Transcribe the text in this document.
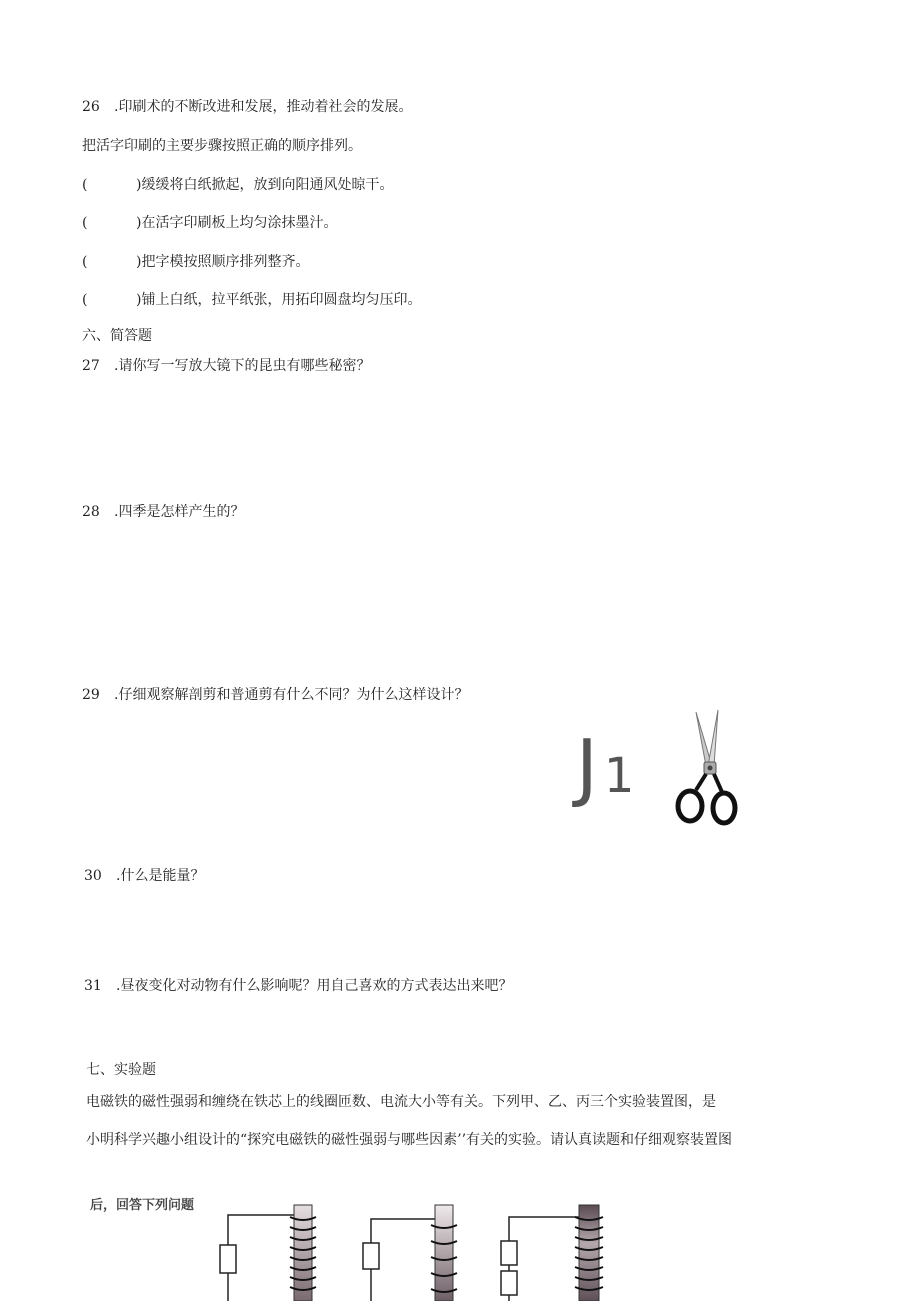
26 .印刷术的不断改进和发展，推动着社会的发展。
把活字印刷的主要步骤按照正确的顺序排列。
(	)缓缓将白纸掀起，放到向阳通风处晾干。
(	)在活字印刷板上均匀涂抹墨汁。
(	)把字模按照顺序排列整齐。
(	)铺上白纸，拉平纸张，用拓印圆盘均匀压印。
六、简答题
27 .请你写一写放大镜下的昆虫有哪些秘密？
28 .四季是怎样产生的？
29 .仔细观察解剖剪和普通剪有什么不同？为什么这样设计？
J 1
30 .什么是能量？
31 .昼夜变化对动物有什么影响呢？用自己喜欢的方式表达出来吧？
七、实验题
电磁铁的磁性强弱和缠绕在铁芯上的线圈匝数、电流大小等有关。下列甲、乙、丙三个实验装置图，是
小明科学兴趣小组设计的“探究电磁铁的磁性强弱与哪些因素’’有关的实验。请认真读题和仔细观察装置图
后，回答下列问题
